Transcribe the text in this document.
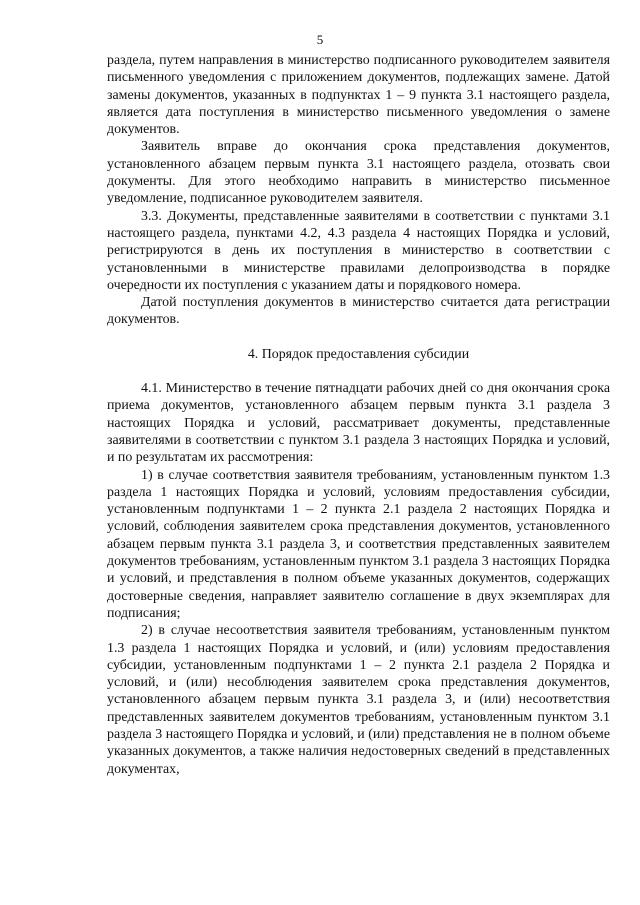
5

раздела, путем направления в министерство подписанного руководителем заявителя письменного уведомления с приложением документов, подлежащих замене. Датой замены документов, указанных в подпунктах 1 – 9 пункта 3.1 настоящего раздела, является дата поступления в министерство письменного уведомления о замене документов.

Заявитель вправе до окончания срока представления документов, установленного абзацем первым пункта 3.1 настоящего раздела, отозвать свои документы. Для этого необходимо направить в министерство письменное уведомление, подписанное руководителем заявителя.

3.3. Документы, представленные заявителями в соответствии с пунктами 3.1 настоящего раздела, пунктами 4.2, 4.3 раздела 4 настоящих Порядка и условий, регистрируются в день их поступления в министерство в соответствии с установленными в министерстве правилами делопроизводства в порядке очередности их поступления с указанием даты и порядкового номера.

Датой поступления документов в министерство считается дата регистрации документов.

4. Порядок предоставления субсидии

4.1. Министерство в течение пятнадцати рабочих дней со дня окончания срока приема документов, установленного абзацем первым пункта 3.1 раздела 3 настоящих Порядка и условий, рассматривает документы, представленные заявителями в соответствии с пунктом 3.1 раздела 3 настоящих Порядка и условий, и по результатам их рассмотрения:

1) в случае соответствия заявителя требованиям, установленным пунктом 1.3 раздела 1 настоящих Порядка и условий, условиям предоставления субсидии, установленным подпунктами 1 – 2 пункта 2.1 раздела 2 настоящих Порядка и условий, соблюдения заявителем срока представления документов, установленного абзацем первым пункта 3.1 раздела 3, и соответствия представленных заявителем документов требованиям, установленным пунктом 3.1 раздела 3 настоящих Порядка и условий, и представления в полном объеме указанных документов, содержащих достоверные сведения, направляет заявителю соглашение в двух экземплярах для подписания;

2) в случае несоответствия заявителя требованиям, установленным пунктом 1.3 раздела 1 настоящих Порядка и условий, и (или) условиям предоставления субсидии, установленным подпунктами 1 – 2 пункта 2.1 раздела 2 Порядка и условий, и (или) несоблюдения заявителем срока представления документов, установленного абзацем первым пункта 3.1 раздела 3, и (или) несоответствия представленных заявителем документов требованиям, установленным пунктом 3.1 раздела 3 настоящего Порядка и условий, и (или) представления не в полном объеме указанных документов, а также наличия недостоверных сведений в представленных документах,
